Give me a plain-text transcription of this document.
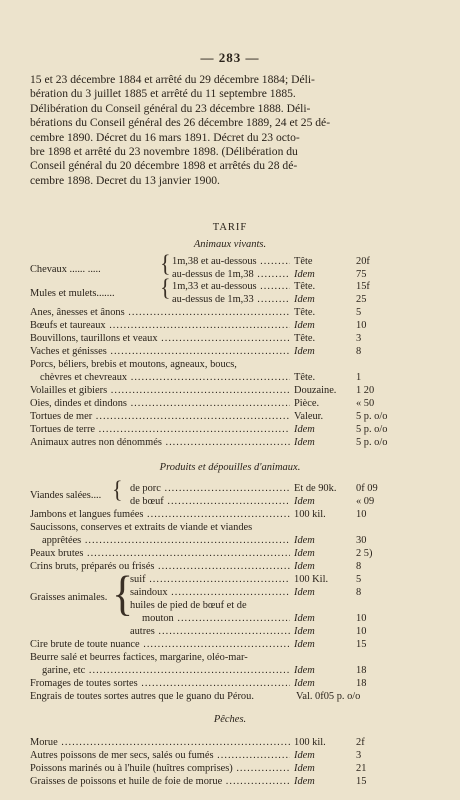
— 283 —
15 et 23 décembre 1884 et arrêté du 29 décembre 1884; Déli-
bération du 3 juillet 1885 et arrêté du 11 septembre 1885.
Délibération du Conseil général du 23 décembre 1888. Déli-
bérations du Conseil général des 26 décembre 1889, 24 et 25 dé-
cembre 1890. Décret du 16 mars 1891. Décret du 23 octo-
bre 1898 et arrêté du 23 novembre 1898. (Délibération du
Conseil général du 20 décembre 1898 et arrêtés du 28 dé-
cembre 1898. Decret du 13 janvier 1900.
TARIF
Animaux vivants.
Chevaux ...... .....	{ 1m,38 et au-dessous .....	Tête	20f
au-dessus de 1m,38 .....	Idem	75
Mules et mulets....... { 1m,33 et au-dessous .....	Tête.	15f
au-dessus de 1m,33 .....	Idem	25
Anes, ânesses et ânons .....	Tête.	5
Bœufs et taureaux .....	Idem	10
Bouvillons, taurillons et veaux .....	Tête.	3
Vaches et génisses .....	Idem	8
Porcs, béliers, brebis et moutons, agneaux, boucs,
chèvres et chevreaux .....	Tête.	1
Volailles et gibiers .....	Douzaine.	1 20
Oies, dindes et dindons .....	Pièce.	« 50
Tortues de mer .....	Valeur.	5 p. o/o
Tortues de terre .....	Idem	5 p. o/o
Animaux autres non dénommés .....	Idem	5 p. o/o
Produits et dépouilles d'animaux.
Viandes salées.... { de porc .....	Et de 90k.	0f 09
de bœuf .....	Idem	« 09
Jambons et langues fumées .....	100 kil.	10
Saucissons, conserves et extraits de viande et viandes
apprêtées .....	Idem	30
Peaux brutes .....	Idem	2 5)
Crins bruts, préparés ou frisés .....	Idem	8
Graisses animales. {
suif .....	100 Kil.	5
saindoux .....	Idem	8
huiles de pied de bœuf et de
mouton .....	Idem	10
autres .....	Idem	10
Cire brute de toute nuance .....	Idem	15
Beurre salé et beurres factices, margarine, oléo-mar-
garine, etc .....	Idem	18
Fromages de toutes sortes .....	Idem	18
Engrais de toutes sortes autres que le guano du Pérou.	Val. 0f05 p. o/o
Pêches.
Morue .....	100 kil.	2f
Autres poissons de mer secs, salés ou fumés .....	Idem	3
Poissons marinés ou à l'huile (huîtres comprises) .....	Idem	21
Graisses de poissons et huile de foie de morue .....	Idem	15
